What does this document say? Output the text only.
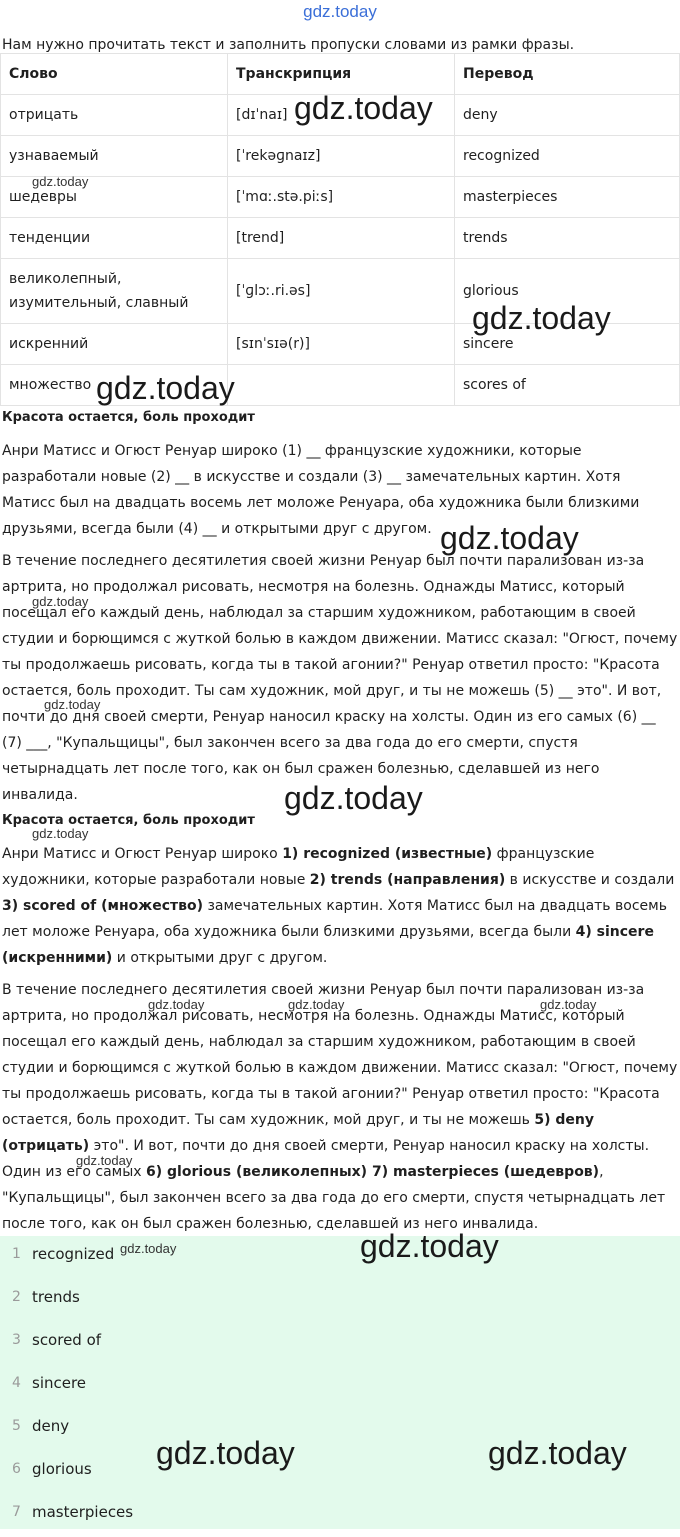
gdz.today
Нам нужно прочитать текст и заполнить пропуски словами из рамки фразы.
Слово	Транскрипция	Перевод
отрицать	[dɪˈnaɪ]	deny
узнаваемый	[ˈrekəɡnaɪz]	recognized
шедевры	[ˈmɑː.stə.piːs]	masterpieces
тенденции	[trend]	trends
великолепный, изумительный, славный	[ˈɡlɔː.ri.əs]	glorious
искренний	[sɪnˈsɪə(r)]	sincere
множество		scores of
Красота остается, боль проходит

Анри Матисс и Огюст Ренуар широко (1) __ французские художники, которые разработали новые (2) __ в искусстве и создали (3) __ замечательных картин. Хотя Матисс был на двадцать восемь лет моложе Ренуара, оба художника были близкими друзьями, всегда были (4) __ и открытыми друг с другом.

В течение последнего десятилетия своей жизни Ренуар был почти парализован из-за артрита, но продолжал рисовать, несмотря на болезнь. Однажды Матисс, который посещал его каждый день, наблюдал за старшим художником, работающим в своей студии и борющимся с жуткой болью в каждом движении. Матисс сказал: "Огюст, почему ты продолжаешь рисовать, когда ты в такой агонии?" Ренуар ответил просто: "Красота остается, боль проходит. Ты сам художник, мой друг, и ты не можешь (5) __ это". И вот, почти до дня своей смерти, Ренуар наносил краску на холсты. Один из его самых (6) __ (7) ___, "Купальщицы", был закончен всего за два года до его смерти, спустя четырнадцать лет после того, как он был сражен болезнью, сделавшей из него инвалида.

Красота остается, боль проходит

Анри Матисс и Огюст Ренуар широко 1) recognized (известные) французские художники, которые разработали новые 2) trends (направления) в искусстве и создали 3) scored of (множество) замечательных картин. Хотя Матисс был на двадцать восемь лет моложе Ренуара, оба художника были близкими друзьями, всегда были 4) sincere (искренними) и открытыми друг с другом.

В течение последнего десятилетия своей жизни Ренуар был почти парализован из-за артрита, но продолжал рисовать, несмотря на болезнь. Однажды Матисс, который посещал его каждый день, наблюдал за старшим художником, работающим в своей студии и борющимся с жуткой болью в каждом движении. Матисс сказал: "Огюст, почему ты продолжаешь рисовать, когда ты в такой агонии?" Ренуар ответил просто: "Красота остается, боль проходит. Ты сам художник, мой друг, и ты не можешь 5) deny (отрицать) это". И вот, почти до дня своей смерти, Ренуар наносил краску на холсты. Один из его самых 6) glorious (великолепных) 7) masterpieces (шедевров), "Купальщицы", был закончен всего за два года до его смерти, спустя четырнадцать лет после того, как он был сражен болезнью, сделавшей из него инвалида.

1 recognized
2 trends
3 scored of
4 sincere
5 deny
6 glorious
7 masterpieces
gdz.today
gdz.today
gdz.today
gdz.today
gdz.today
gdz.today
gdz.today
gdz.today
gdz.today
gdz.today	gdz.today	gdz.today
gdz.today
gdz.today
gdz.today
gdz.today	gdz.today
